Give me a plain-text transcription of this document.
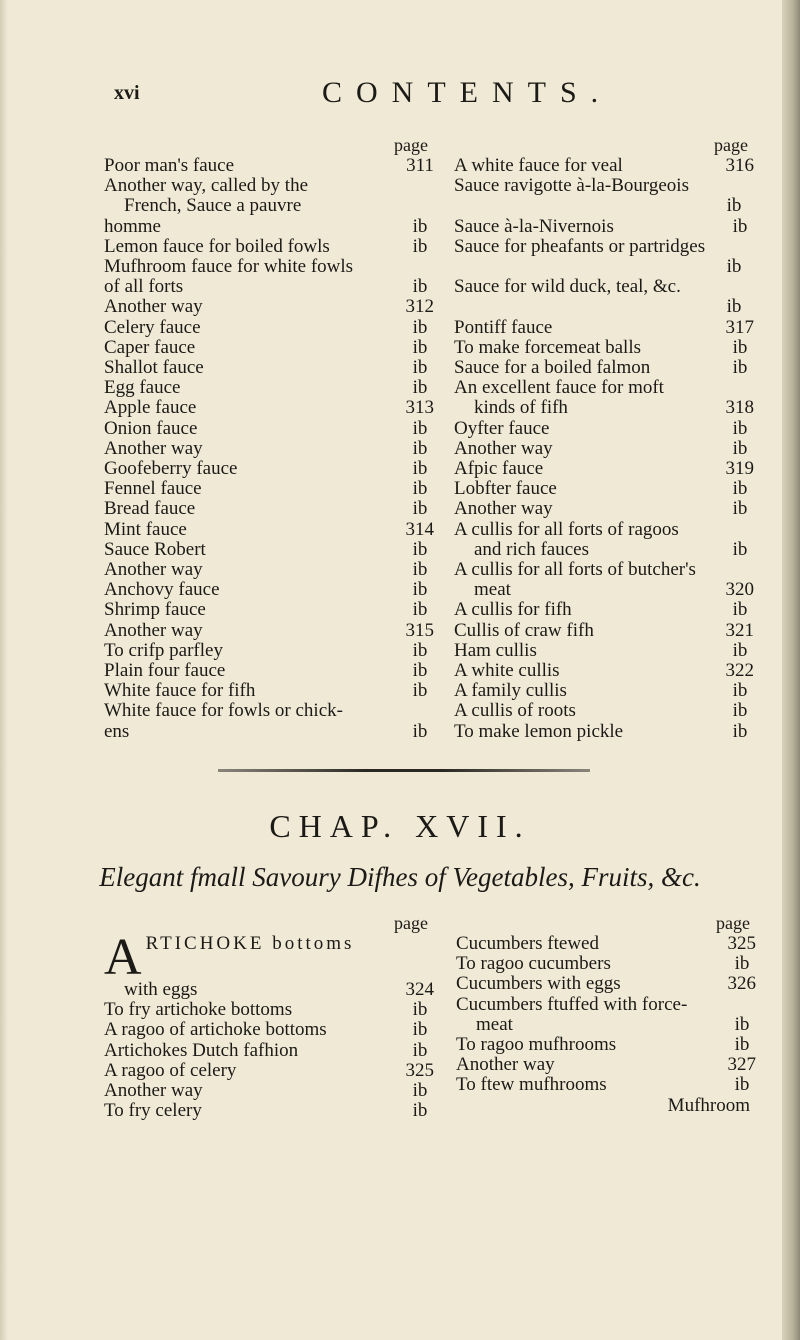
xvi	CONTENTS.
page
Poor man's fauce	311
Another way, called by the
French, Sauce a pauvre
homme	ib
Lemon fauce for boiled fowls	ib
Mufhroom fauce for white fowls
of all forts	ib
Another way	312
Celery fauce	ib
Caper fauce	ib
Shallot fauce	ib
Egg fauce	ib
Apple fauce	313
Onion fauce	ib
Another way	ib
Goofeberry fauce	ib
Fennel fauce	ib
Bread fauce	ib
Mint fauce	314
Sauce Robert	ib
Another way	ib
Anchovy fauce	ib
Shrimp fauce	ib
Another way	315
To crifp parfley	ib
Plain four fauce	ib
White fauce for fifh	ib
White fauce for fowls or chick-
ens	ib
page
A white fauce for veal	316
Sauce ravigotte à-la-Bourgeois
ib
Sauce à-la-Nivernois	ib
Sauce for pheafants or partridges
ib
Sauce for wild duck, teal, &c.
ib
Pontiff fauce	317
To make forcemeat balls	ib
Sauce for a boiled falmon	ib
An excellent fauce for moft
kinds of fifh	318
Oyfter fauce	ib
Another way	ib
Afpic fauce	319
Lobfter fauce	ib
Another way	ib
A cullis for all forts of ragoos
and rich fauces	ib
A cullis for all forts of butcher's
meat	320
A cullis for fifh	ib
Cullis of craw fifh	321
Ham cullis	ib
A white cullis	322
A family cullis	ib
A cullis of roots	ib
To make lemon pickle	ib
CHAP. XVII.
Elegant fmall Savoury Difhes of Vegetables, Fruits, &c.
page
A RTICHOKE bottoms
with eggs	324
To fry artichoke bottoms	ib
A ragoo of artichoke bottoms	ib
Artichokes Dutch fafhion	ib
A ragoo of celery	325
Another way	ib
To fry celery	ib
page
Cucumbers ftewed	325
To ragoo cucumbers	ib
Cucumbers with eggs	326
Cucumbers ftuffed with force-
meat	ib
To ragoo mufhrooms	ib
Another way	327
To ftew mufhrooms	ib
Mufhroom
